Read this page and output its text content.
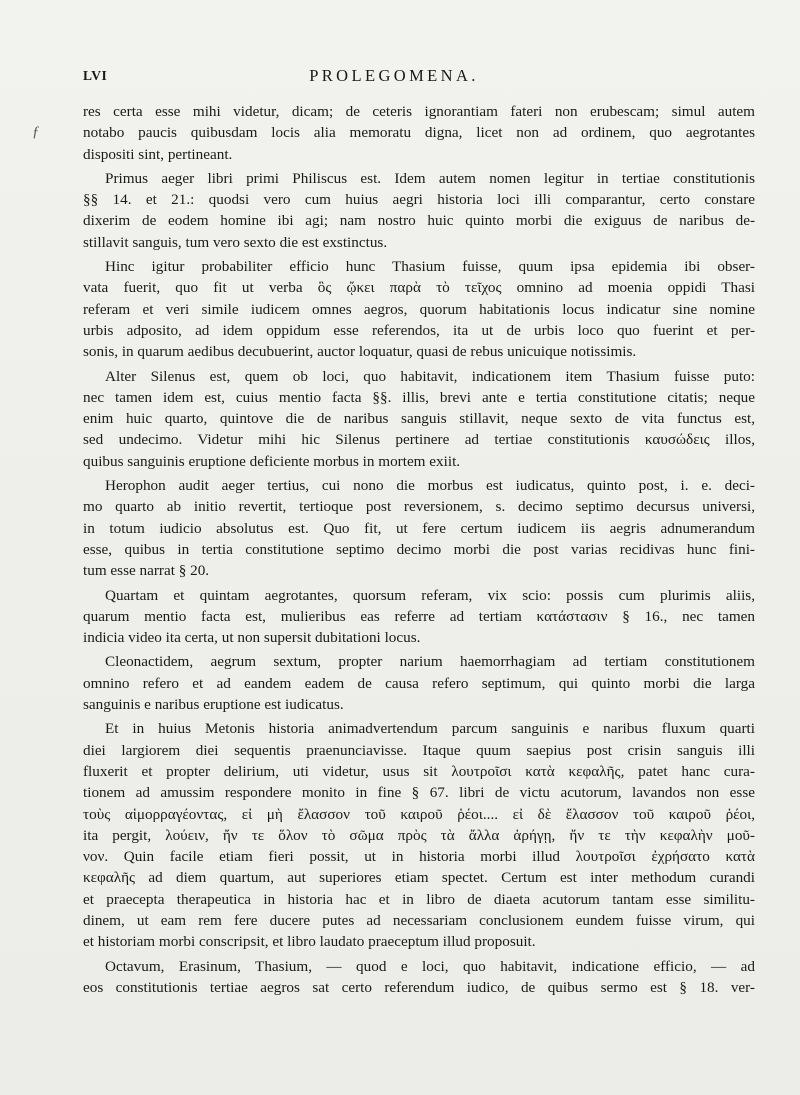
LVI	PROLEGOMENA.
ƒ
res certa esse mihi videtur, dicam; de ceteris ignorantiam fateri non erubescam; simul autem
notabo paucis quibusdam locis alia memoratu digna, licet non ad ordinem, quo aegrotantes
dispositi sint, pertineant.
Primus aeger libri primi Philiscus est. Idem autem nomen legitur in tertiae constitutionis
§§ 14. et 21.: quodsi vero cum huius aegri historia loci illi comparantur, certo constare
dixerim de eodem homine ibi agi; nam nostro huic quinto morbi die exiguus de naribus de-
stillavit sanguis, tum vero sexto die est exstinctus.
Hinc igitur probabiliter efficio hunc Thasium fuisse, quum ipsa epidemia ibi obser-
vata fuerit, quo fit ut verba ὃς ᾤκει παρὰ τὸ τεῖχος omnino ad moenia oppidi Thasi
referam et veri simile iudicem omnes aegros, quorum habitationis locus indicatur sine nomine
urbis adposito, ad idem oppidum esse referendos, ita ut de urbis loco quo fuerint et per-
sonis, in quarum aedibus decubuerint, auctor loquatur, quasi de rebus unicuique notissimis.
Alter Silenus est, quem ob loci, quo habitavit, indicationem item Thasium fuisse puto:
nec tamen idem est, cuius mentio facta §§. illis, brevi ante e tertia constitutione citatis; neque
enim huic quarto, quintove die de naribus sanguis stillavit, neque sexto de vita functus est,
sed undecimo. Videtur mihi hic Silenus pertinere ad tertiae constitutionis καυσώδεις illos,
quibus sanguinis eruptione deficiente morbus in mortem exiit.
Herophon audit aeger tertius, cui nono die morbus est iudicatus, quinto post, i. e. deci-
mo quarto ab initio revertit, tertioque post reversionem, s. decimo septimo decursus universi,
in totum iudicio absolutus est. Quo fit, ut fere certum iudicem iis aegris adnumerandum
esse, quibus in tertia constitutione septimo decimo morbi die post varias recidivas hunc fini-
tum esse narrat § 20.
Quartam et quintam aegrotantes, quorsum referam, vix scio: possis cum plurimis aliis,
quarum mentio facta est, mulieribus eas referre ad tertiam κατάστασιν § 16., nec tamen
indicia video ita certa, ut non supersit dubitationi locus.
Cleonactidem, aegrum sextum, propter narium haemorrhagiam ad tertiam constitutionem
omnino refero et ad eandem eadem de causa refero septimum, qui quinto morbi die larga
sanguinis e naribus eruptione est iudicatus.
Et in huius Metonis historia animadvertendum parcum sanguinis e naribus fluxum quarti
diei largiorem diei sequentis praenunciavisse. Itaque quum saepius post crisin sanguis illi
fluxerit et propter delirium, uti videtur, usus sit λουτροῖσι κατὰ κεφαλῆς, patet hanc cura-
tionem ad amussim respondere monito in fine § 67. libri de victu acutorum, lavandos non esse
τοὺς αἱμορραγέοντας, εἰ μὴ ἔλασσον τοῦ καιροῦ ῥέοι.... εἰ δὲ ἔλασσον τοῦ καιροῦ ῥέοι,
ita pergit, λούειν, ἤν τε ὅλον τὸ σῶμα πρὸς τὰ ἄλλα ἀρήγῃ, ἤν τε τὴν κεφαλὴν μοῦ-
νον. Quin facile etiam fieri possit, ut in historia morbi illud λουτροῖσι ἐχρήσατο κατὰ
κεφαλῆς ad diem quartum, aut superiores etiam spectet. Certum est inter methodum curandi
et praecepta therapeutica in historia hac et in libro de diaeta acutorum tantam esse similitu-
dinem, ut eam rem fere ducere putes ad necessariam conclusionem eundem fuisse virum, qui
et historiam morbi conscripsit, et libro laudato praeceptum illud proposuit.
Octavum, Erasinum, Thasium, — quod e loci, quo habitavit, indicatione efficio, — ad
eos constitutionis tertiae aegros sat certo referendum iudico, de quibus sermo est § 18. ver-
